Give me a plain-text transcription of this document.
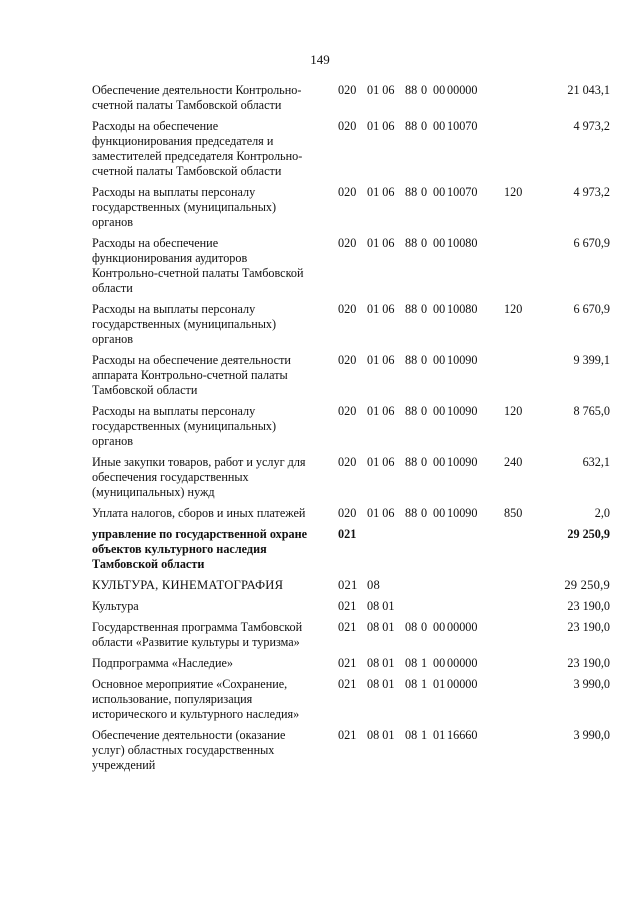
149
Обеспечение деятельности Контрольно-счетной палаты Тамбовской области
020 01 06 88 0 00 00000	21 043,1
Расходы на обеспечение функционирования председателя и заместителей председателя Контрольно-счетной палаты Тамбовской области
020 01 06 88 0 00 10070	4 973,2
Расходы на выплаты персоналу государственных (муниципальных) органов
020 01 06 88 0 00 10070 120	4 973,2
Расходы на обеспечение функционирования аудиторов Контрольно-счетной палаты Тамбовской области
020 01 06 88 0 00 10080	6 670,9
Расходы на выплаты персоналу государственных (муниципальных) органов
020 01 06 88 0 00 10080 120	6 670,9
Расходы на обеспечение деятельности аппарата Контрольно-счетной палаты Тамбовской области
020 01 06 88 0 00 10090	9 399,1
Расходы на выплаты персоналу государственных (муниципальных) органов
020 01 06 88 0 00 10090 120	8 765,0
Иные закупки товаров, работ и услуг для обеспечения государственных (муниципальных) нужд
020 01 06 88 0 00 10090 240	632,1
Уплата налогов, сборов и иных платежей	020 01 06 88 0 00 10090 850	2,0
управление по государственной охране объектов культурного наследия Тамбовской области
021	29 250,9
КУЛЬТУРА, КИНЕМАТОГРАФИЯ	021 08	29 250,9
Культура	021 08 01	23 190,0
Государственная программа Тамбовской области «Развитие культуры и туризма»
021 08 01 08 0 00 00000	23 190,0
Подпрограмма «Наследие»	021 08 01 08 1 00 00000	23 190,0
Основное мероприятие «Сохранение, использование, популяризация исторического и культурного наследия»
021 08 01 08 1 01 00000	3 990,0
Обеспечение деятельности (оказание услуг) областных государственных учреждений
021 08 01 08 1 01 16660	3 990,0
